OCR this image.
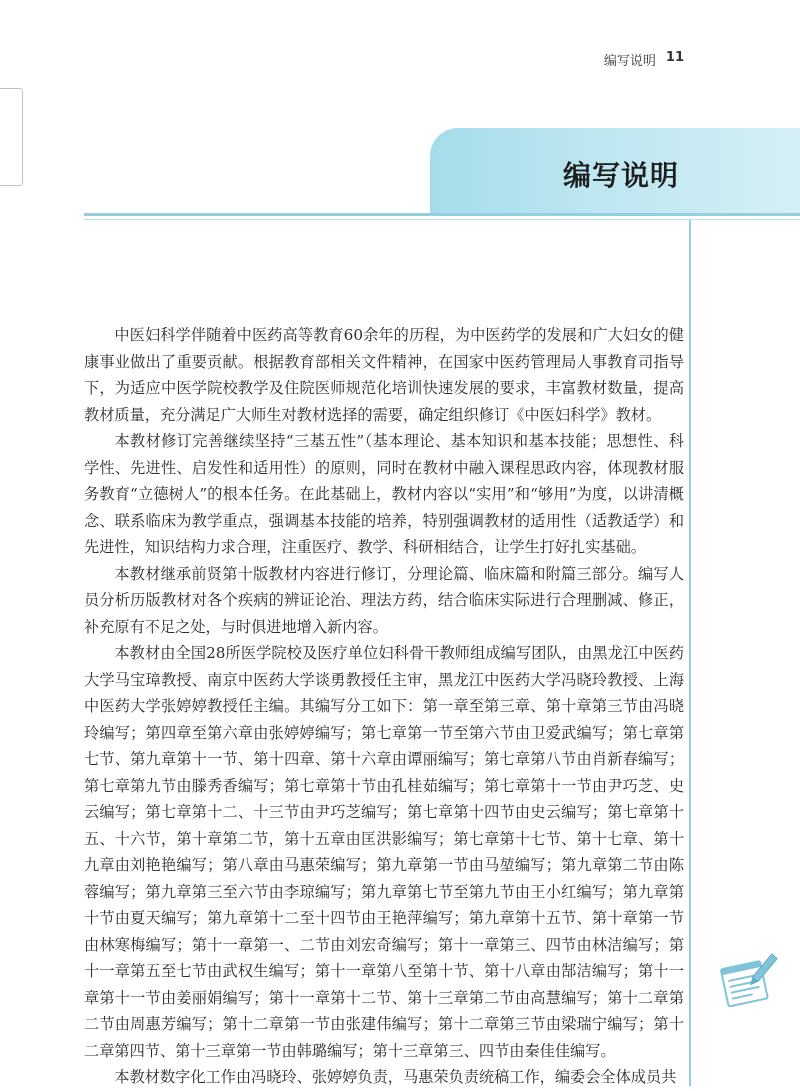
编写说明 11
编写说明

中医妇科学伴随着中医药高等教育60余年的历程，为中医药学的发展和广大妇女的健康事业做出了重要贡献。根据教育部相关文件精神，在国家中医药管理局人事教育司指导下，为适应中医学院校教学及住院医师规范化培训快速发展的要求，丰富教材数量，提高教材质量，充分满足广大师生对教材选择的需要，确定组织修订《中医妇科学》教材。

本教材修订完善继续坚持“三基五性”（基本理论、基本知识和基本技能；思想性、科学性、先进性、启发性和适用性）的原则，同时在教材中融入课程思政内容，体现教材服务教育“立德树人”的根本任务。在此基础上，教材内容以“实用”和“够用”为度，以讲清概念、联系临床为教学重点，强调基本技能的培养，特别强调教材的适用性（适教适学）和先进性，知识结构力求合理，注重医疗、教学、科研相结合，让学生打好扎实基础。

本教材继承前贤第十版教材内容进行修订，分理论篇、临床篇和附篇三部分。编写人员分析历版教材对各个疾病的辨证论治、理法方药，结合临床实际进行合理删减、修正，补充原有不足之处，与时俱进地增入新内容。

本教材由全国28所医学院校及医疗单位妇科骨干教师组成编写团队，由黑龙江中医药大学马宝璋教授、南京中医药大学谈勇教授任主审，黑龙江中医药大学冯晓玲教授、上海中医药大学张婷婷教授任主编。其编写分工如下：第一章至第三章、第十章第三节由冯晓玲编写；第四章至第六章由张婷婷编写；第七章第一节至第六节由卫爱武编写；第七章第七节、第九章第十一节、第十四章、第十六章由谭丽编写；第七章第八节由肖新春编写；第七章第九节由滕秀香编写；第七章第十节由孔桂茹编写；第七章第十一节由尹巧芝、史云编写；第七章第十二、十三节由尹巧芝编写；第七章第十四节由史云编写；第七章第十五、十六节，第十章第二节，第十五章由匡洪影编写；第七章第十七节、第十七章、第十九章由刘艳艳编写；第八章由马惠荣编写；第九章第一节由马堃编写；第九章第二节由陈蓉编写；第九章第三至六节由李琼编写；第九章第七节至第九节由王小红编写；第九章第十节由夏天编写；第九章第十二至十四节由王艳萍编写；第九章第十五节、第十章第一节由林寒梅编写；第十一章第一、二节由刘宏奇编写；第十一章第三、四节由林洁编写；第十一章第五至七节由武权生编写；第十一章第八至第十节、第十八章由郜洁编写；第十一章第十一节由姜丽娟编写；第十一章第十二节、第十三章第二节由高慧编写；第十二章第二节由周惠芳编写；第十二章第一节由张建伟编写；第十二章第三节由梁瑞宁编写；第十二章第四节、第十三章第一节由韩璐编写；第十三章第三、四节由秦佳佳编写。

本教材数字化工作由冯晓玲、张婷婷负责，马惠荣负责统稿工作，编委会全体成员共
